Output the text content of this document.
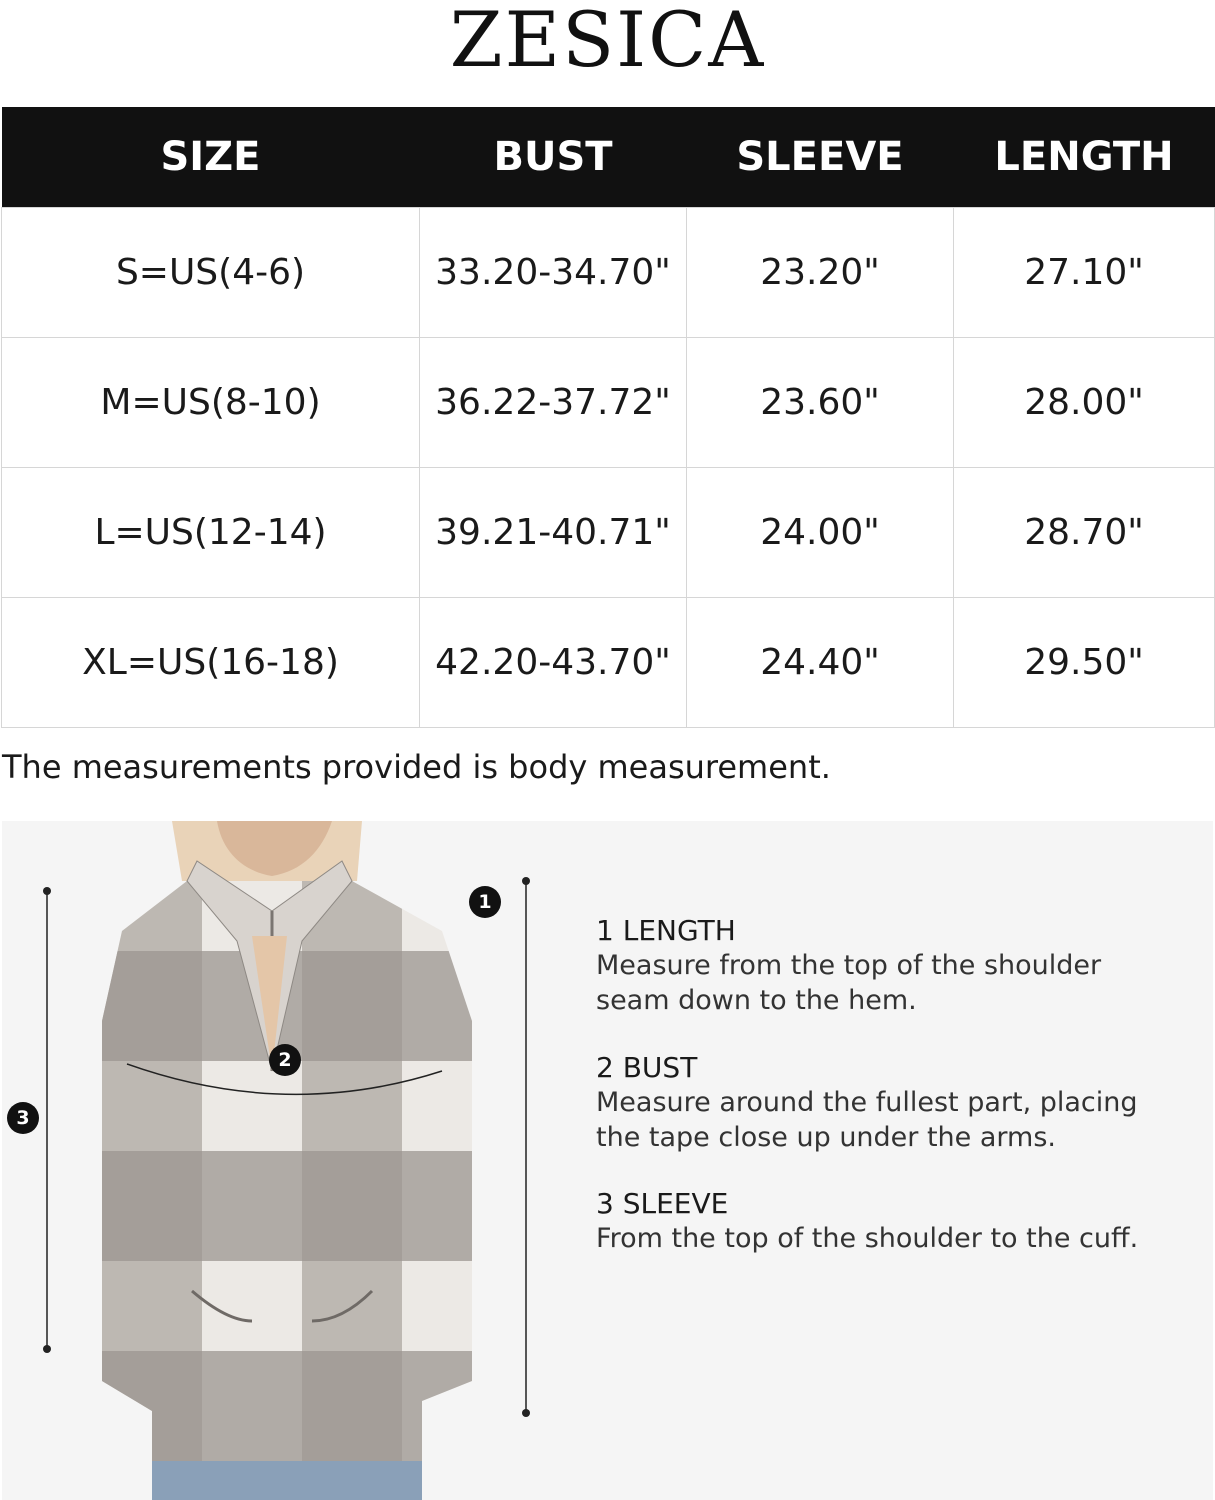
ZESICA
SIZE	BUST	SLEEVE	LENGTH
S=US(4-6)	33.20-34.70"	23.20"	27.10"
M=US(8-10)	36.22-37.72"	23.60"	28.00"
L=US(12-14)	39.21-40.71"	24.00"	28.70"
XL=US(16-18)	42.20-43.70"	24.40"	29.50"
The measurements provided is body measurement.
1
2
3
1 LENGTH
Measure from the top of the shoulder
seam down to the hem.
2 BUST
Measure around the fullest part, placing
the tape close up under the arms.
3 SLEEVE
From the top of the shoulder to the cuff.
